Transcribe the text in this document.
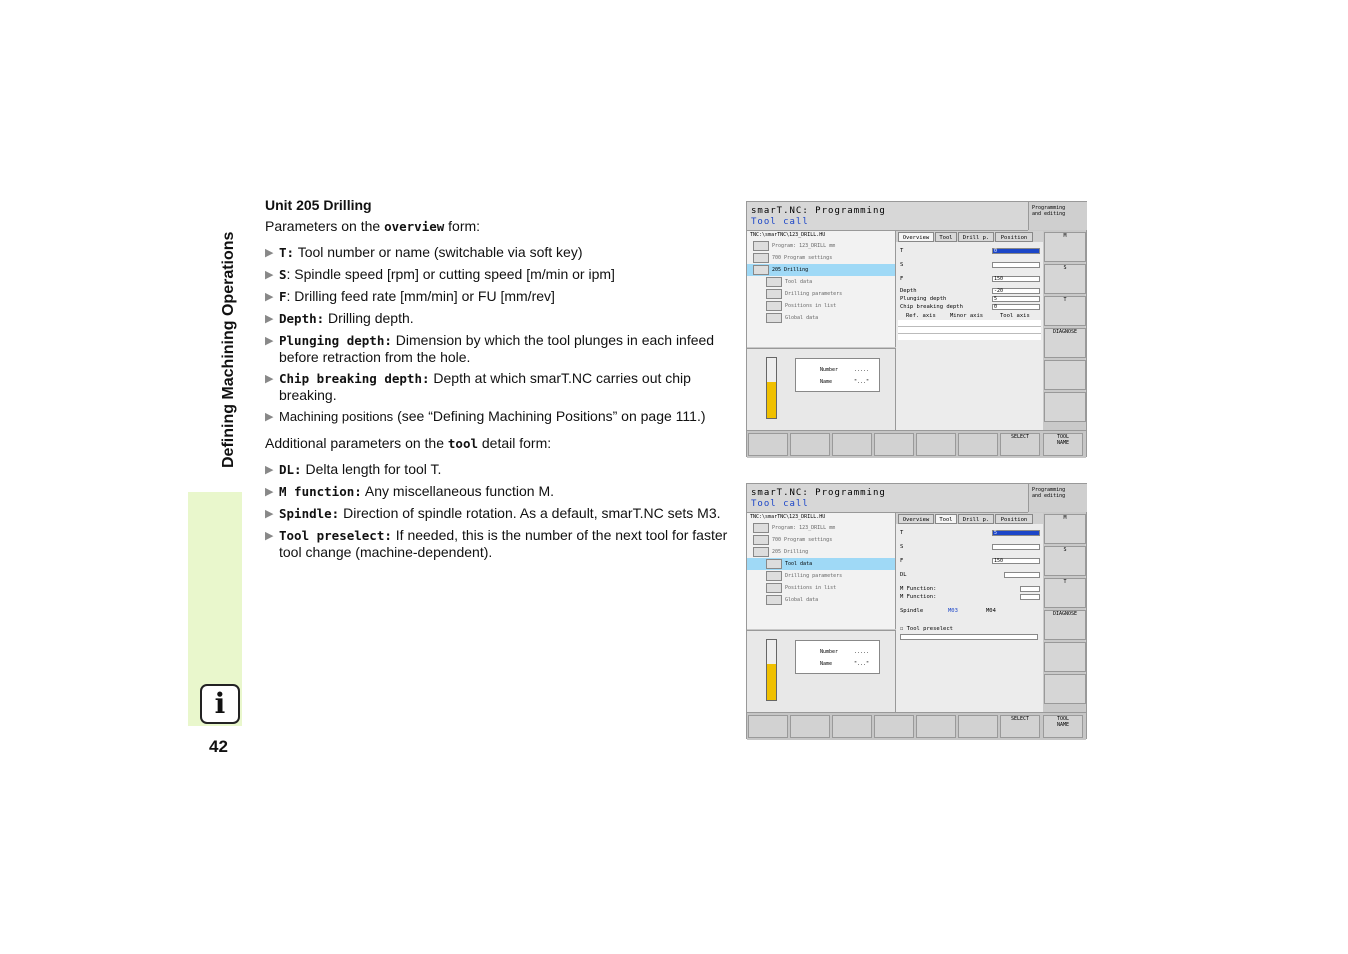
Defining Machining Operations
i
42
Unit 205 Drilling
Parameters on the overview form:
▶ T: Tool number or name (switchable via soft key)
▶ S: Spindle speed [rpm] or cutting speed [m/min or ipm]
▶ F: Drilling feed rate [mm/min] or FU [mm/rev]
▶ Depth: Drilling depth.
▶ Plunging depth: Dimension by which the tool plunges in each infeed before retraction from the hole.
▶ Chip breaking depth: Depth at which smarT.NC carries out chip breaking.
▶ Machining positions (see “Defining Machining Positions” on page 111.)
Additional parameters on the tool detail form:
▶ DL: Delta length for tool T.
▶ M function: Any miscellaneous function M.
▶ Spindle: Direction of spindle rotation. As a default, smarT.NC sets M3.
▶ Tool preselect: If needed, this is the number of the next tool for faster tool change (machine-dependent).
smarT.NC: Programming
Tool call
Programming
and editing
TNC:\smarTNC\123_DRILL.HU
Program: 123_DRILL mm
700 Program settings
205 Drilling
Tool data
Drilling parameters
Positions in list
Global data
Number	.....
Name	"..."
Overview	Tool	Drill p.	Position
T	0
S
F	150
Depth	-20
Plunging depth	5
Chip breaking depth	0
Ref. axis	Minor axis	Tool axis
M
S
T
DIAGNOSE
SELECT	TOOL
NAME
smarT.NC: Programming
Tool call
Programming
and editing
TNC:\smarTNC\123_DRILL.HU
Program: 123_DRILL mm
700 Program settings
205 Drilling
Tool data
Drilling parameters
Positions in list
Global data
Number	.....
Name	"..."
Overview	Tool	Drill p.	Position
T	5
S
F	150
DL
M Function:
M Function:
Spindle	M03	M04
☐ Tool preselect
M
S
T
DIAGNOSE
SELECT	TOOL
NAME
